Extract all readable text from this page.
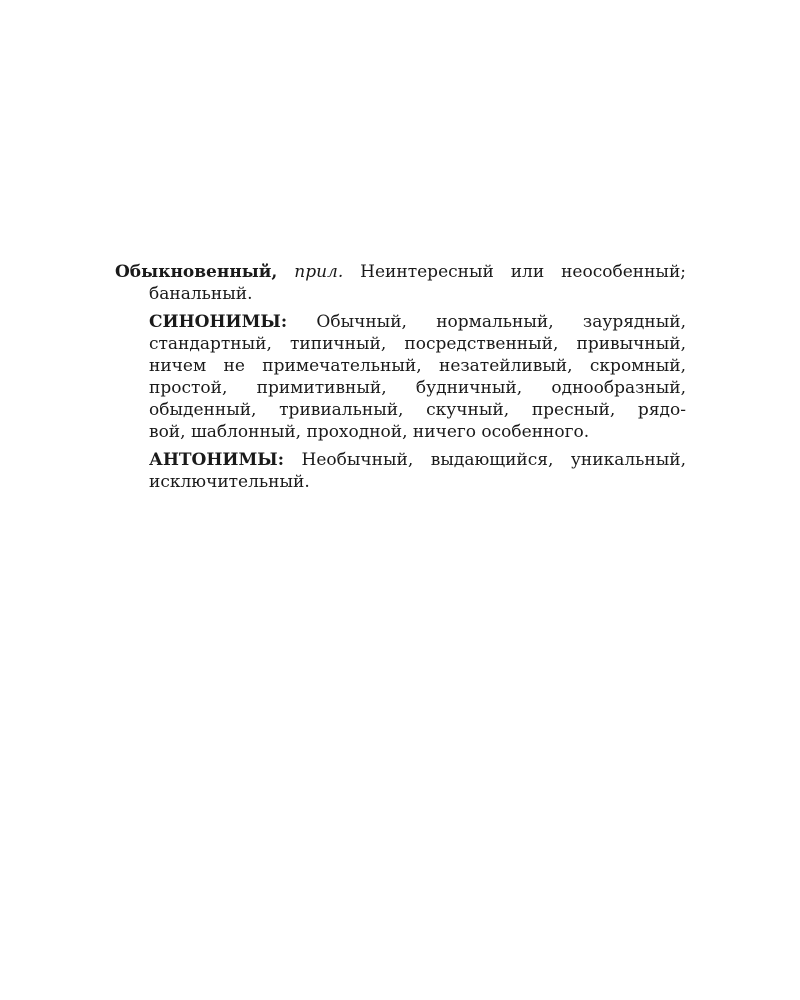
Обыкновенный, прил. Неинтересный или неособенный;
банальный.
СИНОНИМЫ: Обычный, нормальный, заурядный,
стандартный, типичный, посредственный, привычный,
ничем не примечательный, незатейливый, скромный,
простой, примитивный, будничный, однообразный,
обыденный, тривиальный, скучный, пресный, рядо-
вой, шаблонный, проходной, ничего особенного.
АНТОНИМЫ: Необычный, выдающийся, уникальный,
исключительный.
